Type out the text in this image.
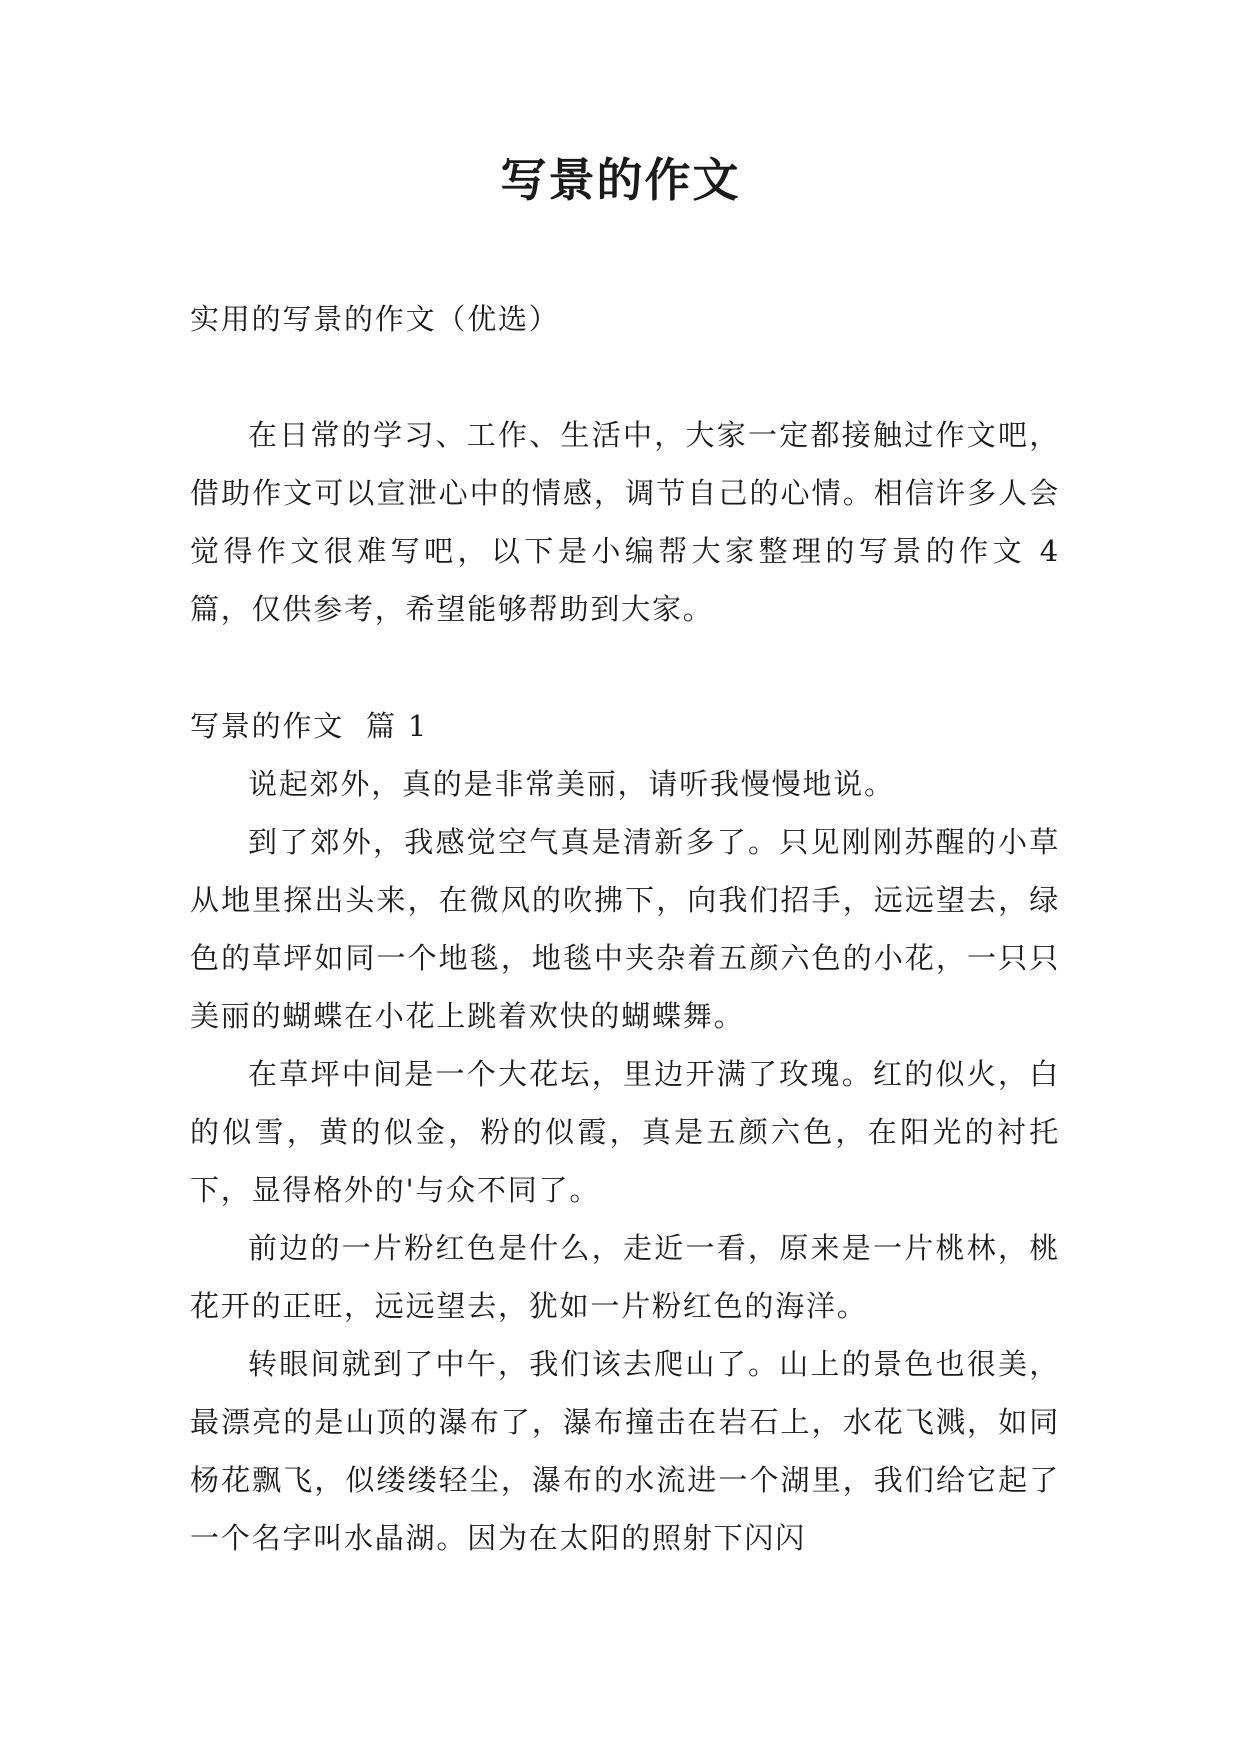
写景的作文
实用的写景的作文（优选）
在日常的学习、工作、生活中，大家一定都接触过作文吧，借助作文可以宣泄心中的情感，调节自己的心情。相信许多人会觉得作文很难写吧，以下是小编帮大家整理的写景的作文 4 篇，仅供参考，希望能够帮助到大家。
写景的作文  篇 1
说起郊外，真的是非常美丽，请听我慢慢地说。
到了郊外，我感觉空气真是清新多了。只见刚刚苏醒的小草从地里探出头来，在微风的吹拂下，向我们招手，远远望去，绿色的草坪如同一个地毯，地毯中夹杂着五颜六色的小花，一只只美丽的蝴蝶在小花上跳着欢快的蝴蝶舞。
在草坪中间是一个大花坛，里边开满了玫瑰。红的似火，白的似雪，黄的似金，粉的似霞，真是五颜六色，在阳光的衬托下，显得格外的'与众不同了。
前边的一片粉红色是什么，走近一看，原来是一片桃林，桃花开的正旺，远远望去，犹如一片粉红色的海洋。
转眼间就到了中午，我们该去爬山了。山上的景色也很美，最漂亮的是山顶的瀑布了，瀑布撞击在岩石上，水花飞溅，如同杨花飘飞，似缕缕轻尘，瀑布的水流进一个湖里，我们给它起了一个名字叫水晶湖。因为在太阳的照射下闪闪
